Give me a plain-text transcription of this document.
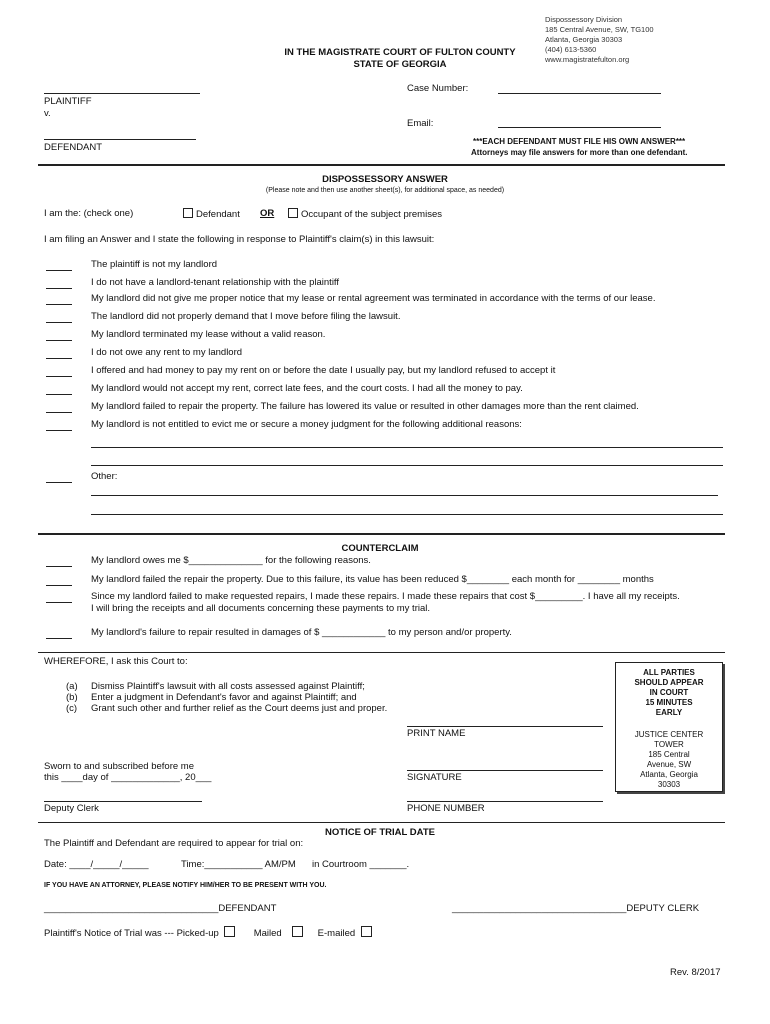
Dispossessory Division
185 Central Avenue, SW, TG100
Atlanta, Georgia 30303
(404) 613-5360
www.magistratefulton.org
IN THE MAGISTRATE COURT OF FULTON COUNTY
STATE OF GEORGIA
PLAINTIFF
v.
DEFENDANT
Case Number:
Email:
***EACH DEFENDANT MUST FILE HIS OWN ANSWER***
Attorneys may file answers for more than one defendant.
DISPOSSESSORY ANSWER
(Please note and then use another sheet(s), for additional space, as needed)
I am the: (check one)	Defendant OR	Occupant of the subject premises
I am filing an Answer and I state the following in response to Plaintiff's claim(s) in this lawsuit:
The plaintiff is not my landlord
I do not have a landlord-tenant relationship with the plaintiff
My landlord did not give me proper notice that my lease or rental agreement was terminated in accordance with the terms of our lease.
The landlord did not properly demand that I move before filing the lawsuit.
My landlord terminated my lease without a valid reason.
I do not owe any rent to my landlord
I offered and had money to pay my rent on or before the date I usually pay, but my landlord refused to accept it
My landlord would not accept my rent, correct late fees, and the court costs. I had all the money to pay.
My landlord failed to repair the property. The failure has lowered its value or resulted in other damages more than the rent claimed.
My landlord is not entitled to evict me or secure a money judgment for the following additional reasons:
Other:
COUNTERCLAIM
My landlord owes me $______________ for the following reasons.
My landlord failed the repair the property. Due to this failure, its value has been reduced $________ each month for ________ months
Since my landlord failed to make requested repairs, I made these repairs. I made these repairs that cost $_________. I have all my receipts.
I will bring the receipts and all documents concerning these payments to my trial.
My landlord's failure to repair resulted in damages of $ ____________ to my person and/or property.
WHEREFORE, I ask this Court to:
(a) Dismiss Plaintiff's lawsuit with all costs assessed against Plaintiff;
(b) Enter a judgment in Defendant's favor and against Plaintiff; and
(c) Grant such other and further relief as the Court deems just and proper.
PRINT NAME
Sworn to and subscribed before me
this ____day of _____________, 20___	SIGNATURE
Deputy Clerk	PHONE NUMBER
ALL PARTIES
SHOULD APPEAR
IN COURT
15 MINUTES
EARLY
JUSTICE CENTER
TOWER
185 Central
Avenue, SW
Atlanta, Georgia
30303
NOTICE OF TRIAL DATE
The Plaintiff and Defendant are required to appear for trial on:
Date: ____/_____/_____	Time:___________ AM/PM in Courtroom _______.
IF YOU HAVE AN ATTORNEY, PLEASE NOTIFY HIM/HER TO BE PRESENT WITH YOU.
_________________________________DEFENDANT	_________________________________DEPUTY CLERK
Plaintiff's Notice of Trial was --- Picked-up	Mailed	E-mailed
Rev. 8/2017
